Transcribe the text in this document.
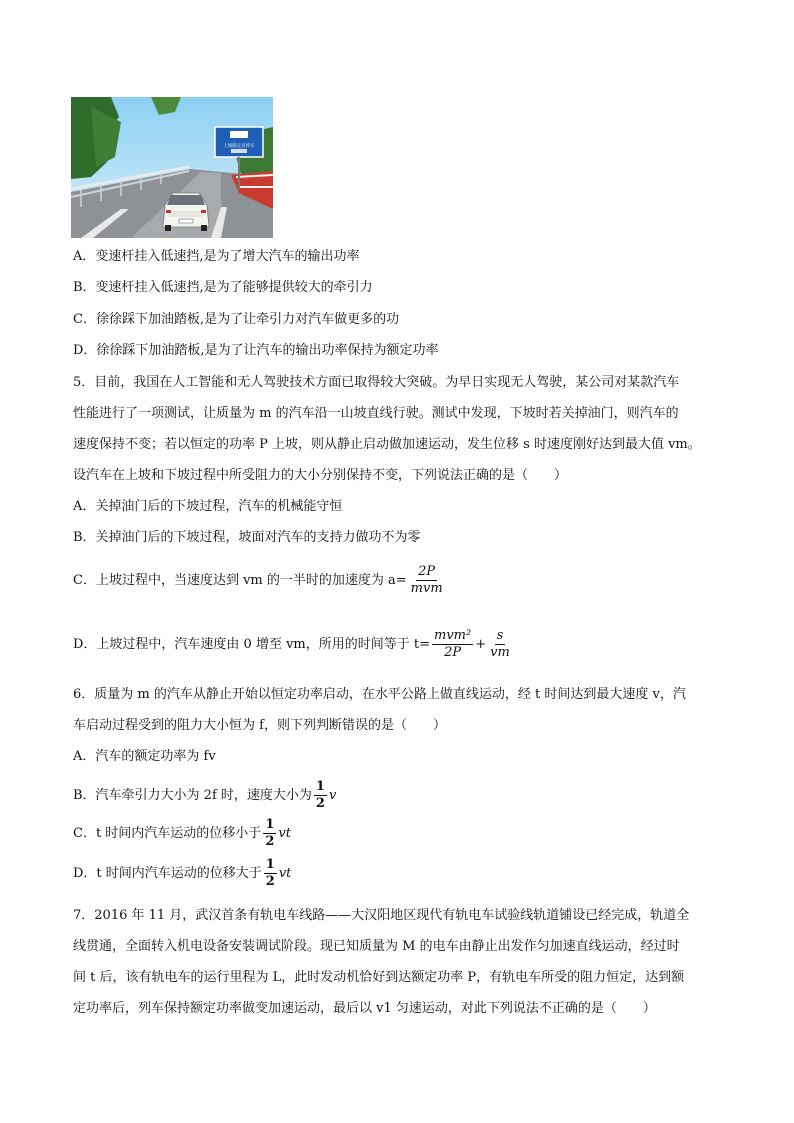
上坡路定点停车
A．变速杆挂入低速挡,是为了增大汽车的输出功率
B．变速杆挂入低速挡,是为了能够提供较大的牵引力
C．徐徐踩下加油踏板,是为了让牵引力对汽车做更多的功
D．徐徐踩下加油踏板,是为了让汽车的输出功率保持为额定功率
5．目前，我国在人工智能和无人驾驶技术方面已取得较大突破。为早日实现无人驾驶，某公司对某款汽车
性能进行了一项测试，让质量为 m 的汽车沿一山坡直线行驶。测试中发现，下坡时若关掉油门，则汽车的
速度保持不变；若以恒定的功率 P 上坡，则从静止启动做加速运动，发生位移 s 时速度刚好达到最大值 vm。
设汽车在上坡和下坡过程中所受阻力的大小分别保持不变，下列说法正确的是（　　）
A．关掉油门后的下坡过程，汽车的机械能守恒
B．关掉油门后的下坡过程，坡面对汽车的支持力做功不为零
C．上坡过程中，当速度达到 vm 的一半时的加速度为 $a= \frac{2P}{\text{mvm}}$
D．上坡过程中，汽车速度由 0 增至 vm，所用的时间等于 $t= \frac{\text{mvm²}}{2P} + \frac{s}{vm}$
6．质量为 m 的汽车从静止开始以恒定功率启动，在水平公路上做直线运动，经 t 时间达到最大速度 v，汽
车启动过程受到的阻力大小恒为 f，则下列判断错误的是（　　）
A．汽车的额定功率为 fv
B．汽车牵引力大小为 2f 时，速度大小为 $\frac{1}{2}$ v
C．t 时间内汽车运动的位移小于 $\frac{1}{2}$ vt
D．t 时间内汽车运动的位移大于 $\frac{1}{2}$ vt
7．2016 年 11 月，武汉首条有轨电车线路——大汉阳地区现代有轨电车试验线轨道铺设已经完成，轨道全
线贯通，全面转入机电设备安装调试阶段。现已知质量为 M 的电车由静止出发作匀加速直线运动，经过时
间 t 后，该有轨电车的运行里程为 L，此时发动机恰好到达额定功率 P，有轨电车所受的阻力恒定，达到额
定功率后，列车保持额定功率做变加速运动，最后以 v1 匀速运动，对此下列说法不正确的是（　　）
